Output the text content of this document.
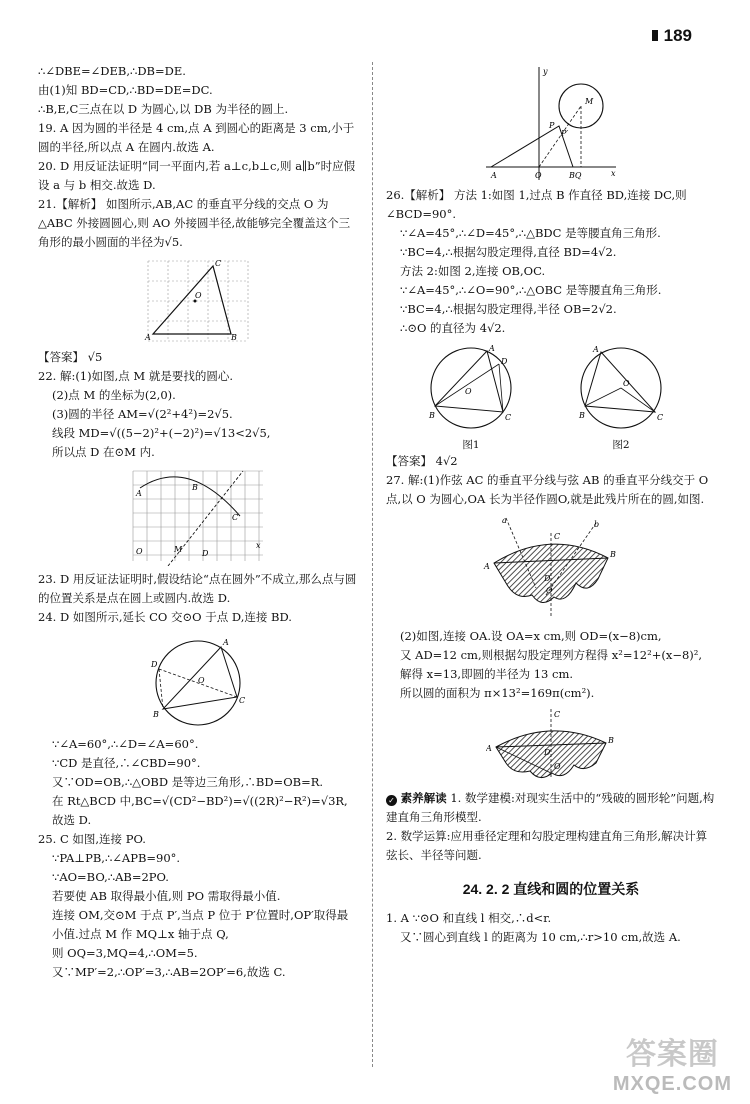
189

∴∠DBE=∠DEB,∴DB=DE.

由(1)知 BD=CD,∴BD=DE=DC.

∴B,E,C三点在以 D 为圆心,以 DB 为半径的圆上.

19. A 因为圆的半径是 4 cm,点 A 到圆心的距离是 3 cm,小于圆的半径,所以点 A 在圆内.故选 A.

20. D 用反证法证明“同一平面内,若 a⊥c,b⊥c,则 a∥b”时应假设 a 与 b 相交.故选 D.

21.【解析】 如图所示,AB,AC 的垂直平分线的交点 O 为△ABC 外接圆圆心,则 AO 外接圆半径,故能够完全覆盖这个三角形的最小圆面的半径为√5.

A	B
C
O

【答案】 √5

22. 解:(1)如图,点 M 就是要找的圆心.

(2)点 M 的坐标为(2,0).

(3)圆的半径 AM=√(2²+4²)=2√5.

线段 MD=√((5−2)²+(−2)²)=√13<2√5,

所以点 D 在⊙M 内.

A
B
C
O	M D
x

23. D 用反证法证明时,假设结论“点在圆外”不成立,那么点与圆的位置关系是点在圆上或圆内.故选 D.

24. D 如图所示,延长 CO 交⊙O 于点 D,连接 BD.

A
D
O
B
C

∵∠A=60°,∴∠D=∠A=60°.

∵CD 是直径,∴∠CBD=90°.

又∵OD=OB,∴△OBD 是等边三角形,∴BD=OB=R.

在 Rt△BCD 中,BC=√(CD²−BD²)=√((2R)²−R²)=√3R,

故选 D.

25. C 如图,连接 PO.

∵PA⊥PB,∴∠APB=90°.

∵AO=BO,∴AB=2PO.

若要使 AB 取得最小值,则 PO 需取得最小值.

连接 OM,交⊙M 于点 P′,当点 P 位于 P′位置时,OP′取得最小值.过点 M 作 MQ⊥x 轴于点 Q,

则 OQ=3,MQ=4,∴OM=5.

又∵MP′=2,∴OP′=3,∴AB=2OP′=6,故选 C.

y
x
M
P
P′
A	O	BQ

26.【解析】 方法 1:如图 1,过点 B 作直径 BD,连接 DC,则∠BCD=90°.

∵∠A=45°,∴∠D=45°,∴△BDC 是等腰直角三角形.

∵BC=4,∴根据勾股定理得,直径 BD=4√2.

方法 2:如图 2,连接 OB,OC.

∵∠A=45°,∴∠O=90°,∴△OBC 是等腰直角三角形.

∵BC=4,∴根据勾股定理得,半径 OB=2√2.

∴⊙O 的直径为 4√2.

A
D
O
B	C
图1
A
O
B	C
图2

【答案】 4√2

27. 解:(1)作弦 AC 的垂直平分线与弦 AB 的垂直平分线交于 O 点,以 O 为圆心,OA 长为半径作圆O,就是此残片所在的圆,如图.

a	b
A
B
C
D
O

(2)如图,连接 OA.设 OA=x cm,则 OD=(x−8)cm,

又 AD=12 cm,则根据勾股定理列方程得 x²=12²+(x−8)²,

解得 x=13,即圆的半径为 13 cm.

所以圆的面积为 π×13²=169π(cm²).

C
A
B
D
O

✓ 素养解读 1. 数学建模:对现实生活中的“残破的圆形轮”问题,构建直角三角形模型.

2. 数学运算:应用垂径定理和勾股定理构建直角三角形,解决计算弦长、半径等问题.

24. 2. 2 直线和圆的位置关系

1. A ∵⊙O 和直线 l 相交,∴d<r.

又∵圆心到直线 l 的距离为 10 cm,∴r>10 cm,故选 A.

答案圈
MXQE.COM
